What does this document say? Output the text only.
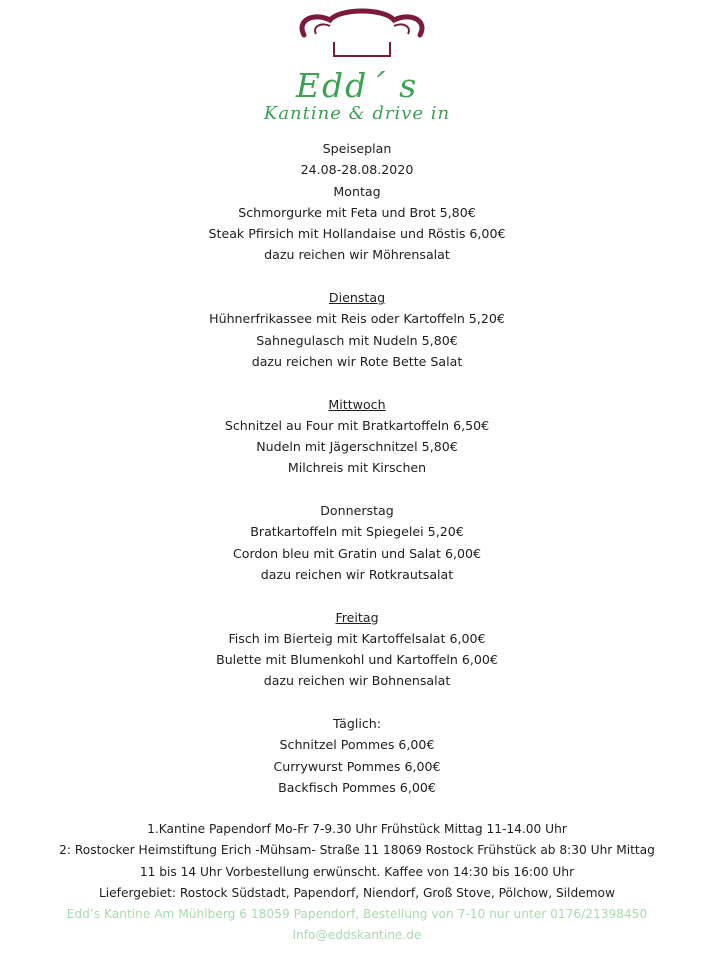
Edd´ s
Kantine & drive in
Speiseplan
24.08-28.08.2020
Montag
Schmorgurke mit Feta und Brot 5,80€
Steak Pfirsich mit Hollandaise und Röstis 6,00€
dazu reichen wir Möhrensalat
Dienstag
Hühnerfrikassee mit Reis oder Kartoffeln 5,20€
Sahnegulasch mit Nudeln 5,80€
dazu reichen wir Rote Bette Salat
Mittwoch
Schnitzel au Four mit Bratkartoffeln 6,50€
Nudeln mit Jägerschnitzel 5,80€
Milchreis mit Kirschen
Donnerstag
Bratkartoffeln mit Spiegelei 5,20€
Cordon bleu mit Gratin und Salat 6,00€
dazu reichen wir Rotkrautsalat
Freitag
Fisch im Bierteig mit Kartoffelsalat 6,00€
Bulette mit Blumenkohl und Kartoffeln 6,00€
dazu reichen wir Bohnensalat
Täglich:
Schnitzel Pommes 6,00€
Currywurst Pommes 6,00€
Backfisch Pommes 6,00€
1.Kantine Papendorf Mo-Fr 7-9.30 Uhr Frühstück Mittag 11-14.00 Uhr
2: Rostocker Heimstiftung Erich -Mühsam- Straße 11 18069 Rostock Frühstück ab 8:30 Uhr Mittag
11 bis 14 Uhr Vorbestellung erwünscht. Kaffee von 14:30 bis 16:00 Uhr
Liefergebiet: Rostock Südstadt, Papendorf, Niendorf, Groß Stove, Pölchow, Sildemow
Edd’s Kantine Am Mühlberg 6 18059 Papendorf, Bestellung von 7-10 nur unter 0176/21398450
Info@eddskantine.de
